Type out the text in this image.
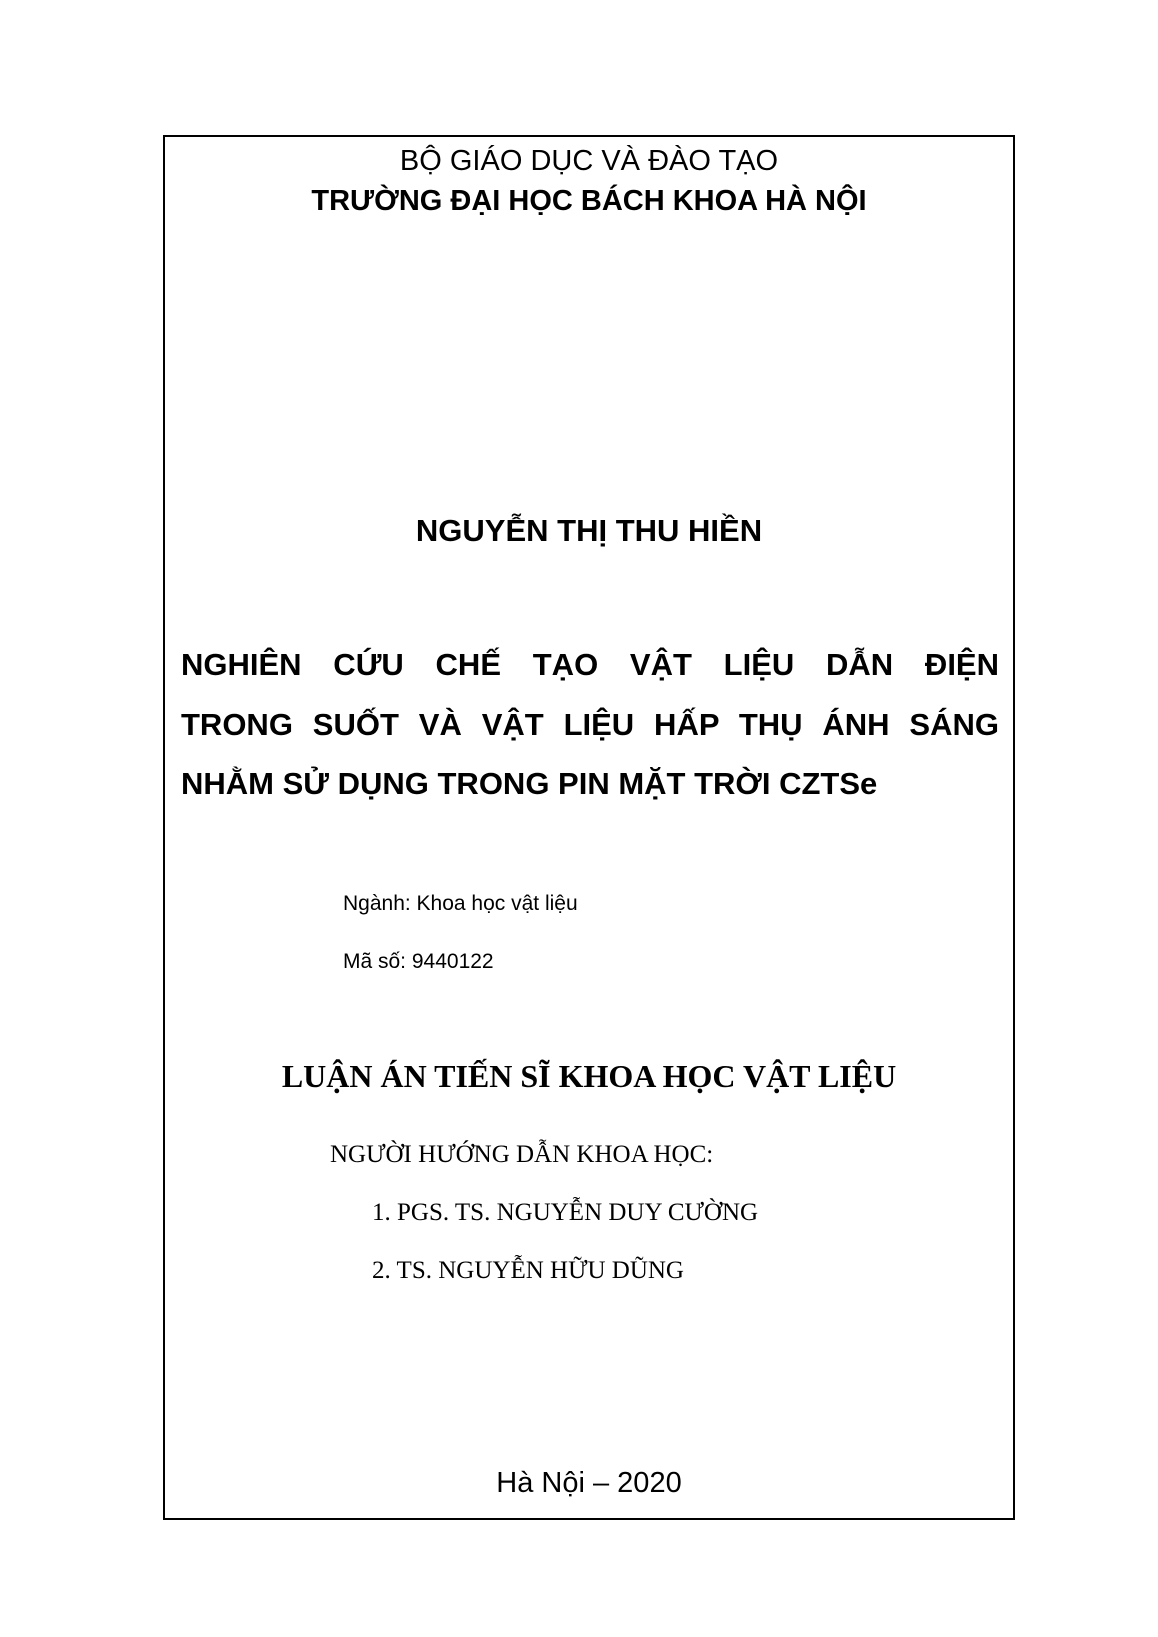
BỘ GIÁO DỤC VÀ ĐÀO TẠO
TRƯỜNG ĐẠI HỌC BÁCH KHOA HÀ NỘI
NGUYỄN THỊ THU HIỀN
NGHIÊN CỨU CHẾ TẠO VẬT LIỆU DẪN ĐIỆN
TRONG SUỐT VÀ VẬT LIỆU HẤP THỤ ÁNH SÁNG
NHẰM SỬ DỤNG TRONG PIN MẶT TRỜI CZTSe
Ngành: Khoa học vật liệu
Mã số: 9440122
LUẬN ÁN TIẾN SĨ KHOA HỌC VẬT LIỆU
NGƯỜI HƯỚNG DẪN KHOA HỌC:
1. PGS. TS. NGUYỄN DUY CƯỜNG
2. TS. NGUYỄN HỮU DŨNG
Hà Nội – 2020
